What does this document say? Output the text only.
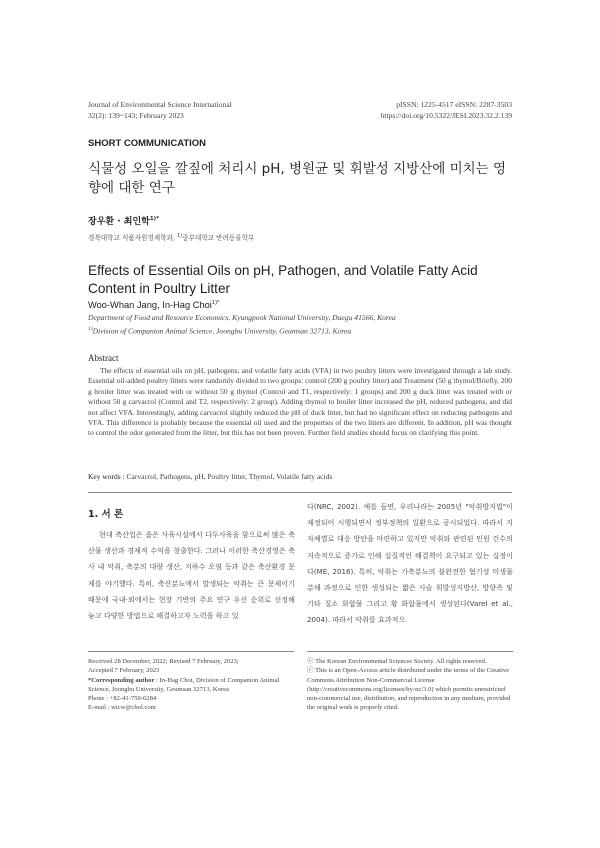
Journal of Environmental Science International
32(2): 139~143; February 2023
pISSN: 1225-4517 eISSN: 2287-3503
https://doi.org/10.5322/JESI.2023.32.2.139
SHORT COMMUNICATION
식물성 오일을 깔짚에 처리시 pH, 병원균 및 휘발성 지방산에 미치는 영향에 대한 연구
장우환 · 최인학$^{1)*}$
경북대학교 식품자원경제학과, $^{1)}$중부대학교 반려동물학부
Effects of Essential Oils on pH, Pathogen, and Volatile Fatty Acid Content in Poultry Litter
Woo-Whan Jang, In-Hag Choi$^{1)*}$
Department of Food and Resource Economics, Kyungpook National University, Daegu 41566, Korea
$^{1)}$Division of Companion Animal Science, Joongbu University, Geumsan 32713, Korea
Abstract
The effects of essential oils on pH, pathogens, and volatile fatty acids (VFA) in two poultry litters were investigated through a lab study. Essential oil-added poultry litters were randomly divided to two groups: control (200 g poultry litter) and Treatment (50 g thymol/Briefly, 200 g broiler litter was treated with or without 50 g thymol (Control and T1, respectively: 1 groups) and 200 g duck litter was treated with or without 50 g carvacrol (Control and T2, respectively: 2 group). Adding thymol to broiler litter increased the pH, reduced pathogens, and did not affect VFA. Interestingly, adding carvacrol slightly reduced the pH of duck litter, but had no significant effect on reducing pathogens and VFA. This difference is probably because the essential oil used and the properties of the two litters are different. In addition, pH was thought to control the odor generated from the litter, but this has not been proven. Further field studies should focus on clarifying this point.
Key words : Carvacrol, Pathogens, pH, Poultry litter, Thymol, Volatile fatty acids
1. 서 론
현대 축산업은 좁은 사육시설에서 다두사육을 함으로써 많은 축산물 생산과 경제적 수익을 창출한다. 그러나 이러한 축산경영은 축사 내 악취, 축분의 대량 생산, 지하수 오염 등과 같은 축산환경 문제를 야기했다. 특히, 축산분뇨에서 발생되는 악취는 큰 문제이기 때문에 국내·외에서는 현장 기반의 주요 연구 우선 순위로 선정해 놓고 다양한 방법으로 해결하고자 노력을 하고 있
다(NRC, 2002). 예를 들면, 우리나라는 2005년 "악취방지법"이 제정되어 시행되면서 정부정책의 일환으로 공시되었다. 따라서 지자체별로 대응 방안을 마련하고 있지만 악취와 관련된 민원 건수의 지속적으로 증가로 인해 실질적인 해결책이 요구되고 있는 실정이다(ME, 2016). 특히, 악취는 가축분뇨의 불완전한 혐기성 미생물 분해 과정으로 인한 생성되는 짧은 사슬 휘발성지방산, 방향족 및 기타 질소 화합물 그리고 황 화합물에서 생성된다(Varel et al., 2004). 따라서 악취를 효과적으
Received 28 December, 2022; Revised 7 February, 2023;
Accepted 7 February, 2023
*Corresponding author : In-Hag Choi, Division of Companion Animal Science, Joongbu University, Geumsan 32713, Korea
Phone : +82-41-750-6284
E-mail : wicw@chol.com
ⓒ The Korean Environmental Sciences Society. All rights reserved.
ⓒ This is an Open-Access article distributed under the terms of the Creative Commons Attribution Non-Commercial License (http://creativecommons.org/licenses/by-nc/3.0) which permits unrestricted non-commercial use, distribution, and reproduction in any medium, provided the original work is properly cited.
